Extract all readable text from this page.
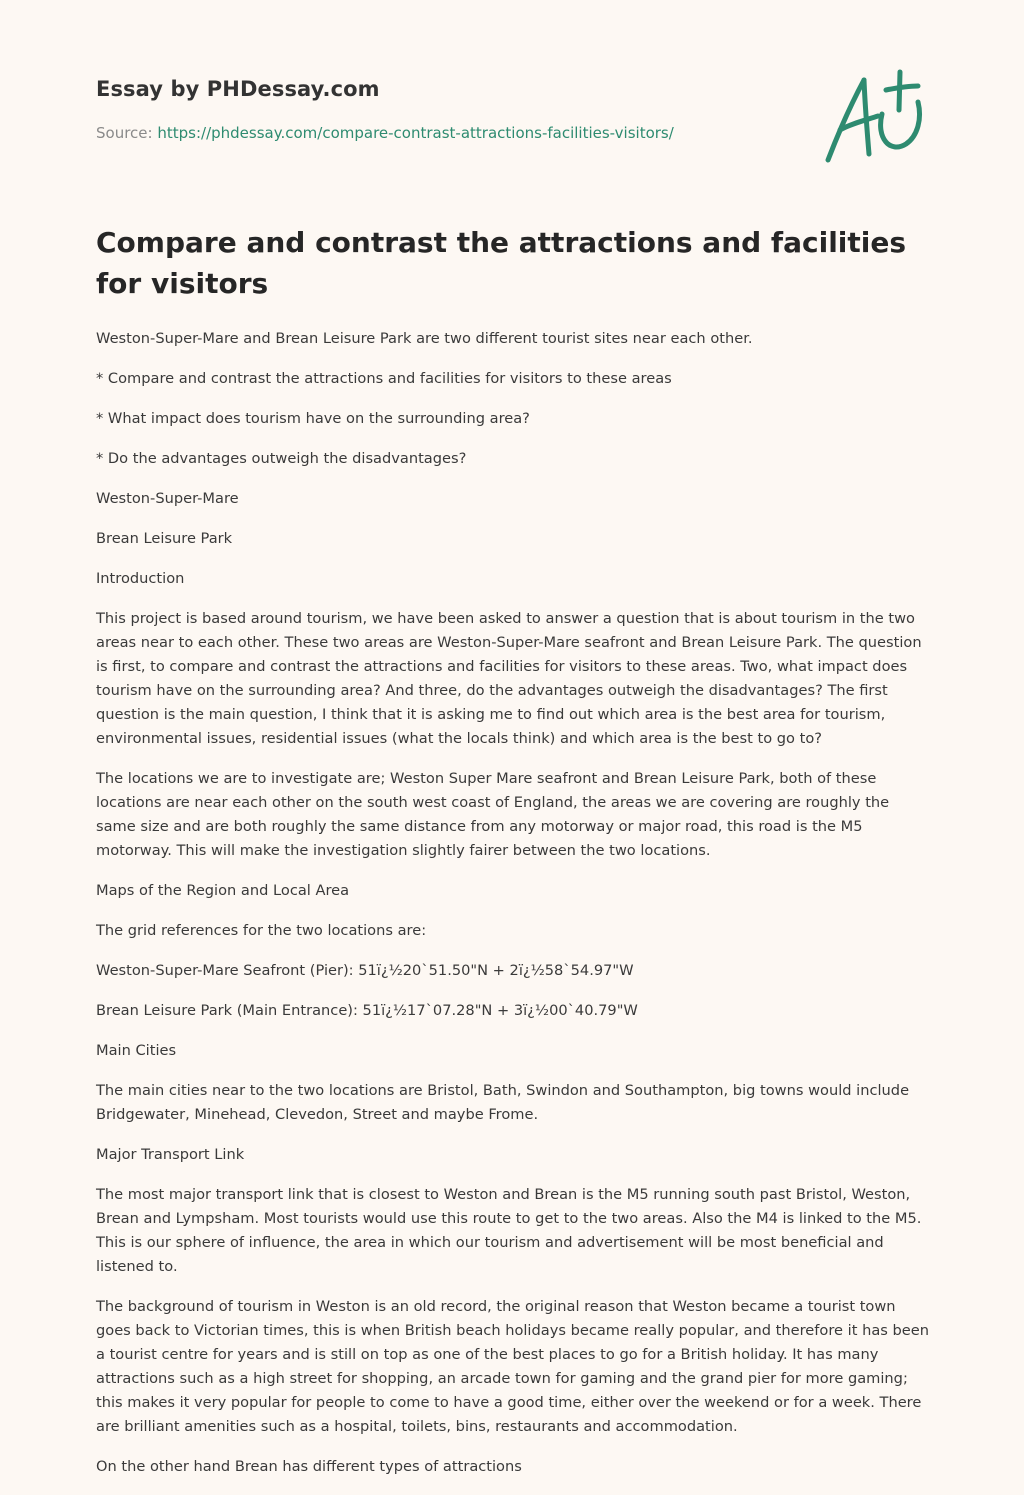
Essay by PHDessay.com
Source: https://phdessay.com/compare-contrast-attractions-facilities-visitors/
Compare and contrast the attractions and facilities for visitors

Weston-Super-Mare and Brean Leisure Park are two different tourist sites near each other.

* Compare and contrast the attractions and facilities for visitors to these areas

* What impact does tourism have on the surrounding area?

* Do the advantages outweigh the disadvantages?

Weston-Super-Mare

Brean Leisure Park

Introduction

This project is based around tourism, we have been asked to answer a question that is about tourism in the two areas near to each other. These two areas are Weston-Super-Mare seafront and Brean Leisure Park. The question is first, to compare and contrast the attractions and facilities for visitors to these areas. Two, what impact does tourism have on the surrounding area? And three, do the advantages outweigh the disadvantages? The first question is the main question, I think that it is asking me to find out which area is the best area for tourism, environmental issues, residential issues (what the locals think) and which area is the best to go to?

The locations we are to investigate are; Weston Super Mare seafront and Brean Leisure Park, both of these locations are near each other on the south west coast of England, the areas we are covering are roughly the same size and are both roughly the same distance from any motorway or major road, this road is the M5 motorway. This will make the investigation slightly fairer between the two locations.

Maps of the Region and Local Area

The grid references for the two locations are:

Weston-Super-Mare Seafront (Pier): 51ï¿½20`51.50"N + 2ï¿½58`54.97"W

Brean Leisure Park (Main Entrance): 51ï¿½17`07.28"N + 3ï¿½00`40.79"W

Main Cities

The main cities near to the two locations are Bristol, Bath, Swindon and Southampton, big towns would include Bridgewater, Minehead, Clevedon, Street and maybe Frome.

Major Transport Link

The most major transport link that is closest to Weston and Brean is the M5 running south past Bristol, Weston, Brean and Lympsham. Most tourists would use this route to get to the two areas. Also the M4 is linked to the M5. This is our sphere of influence, the area in which our tourism and advertisement will be most beneficial and listened to.

The background of tourism in Weston is an old record, the original reason that Weston became a tourist town goes back to Victorian times, this is when British beach holidays became really popular, and therefore it has been a tourist centre for years and is still on top as one of the best places to go for a British holiday. It has many attractions such as a high street for shopping, an arcade town for gaming and the grand pier for more gaming; this makes it very popular for people to come to have a good time, either over the weekend or for a week. There are brilliant amenities such as a hospital, toilets, bins, restaurants and accommodation.

On the other hand Brean has different types of attractions
